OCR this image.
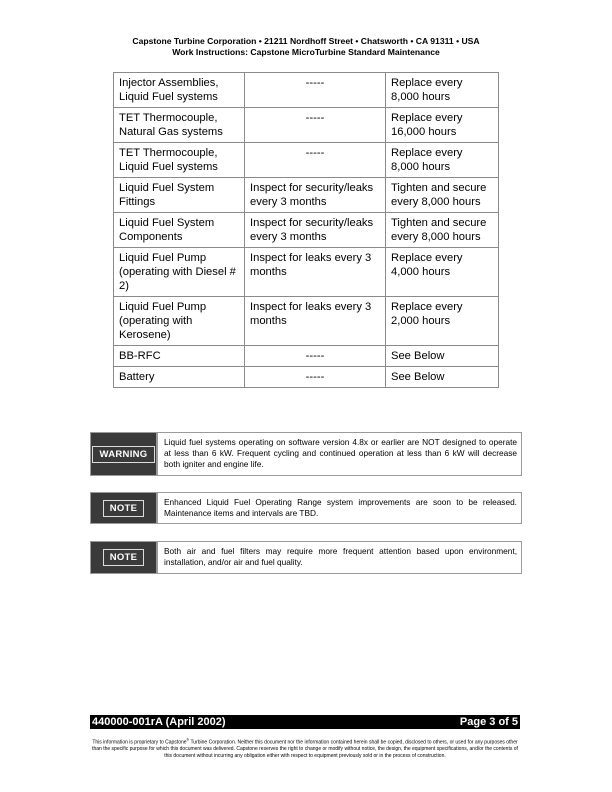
Capstone Turbine Corporation • 21211 Nordhoff Street • Chatsworth • CA 91311 • USA
Work Instructions: Capstone MicroTurbine Standard Maintenance
Injector Assemblies, Liquid Fuel systems	-----	Replace every 8,000 hours
TET Thermocouple, Natural Gas systems	-----	Replace every 16,000 hours
TET Thermocouple, Liquid Fuel systems	-----	Replace every 8,000 hours
Liquid Fuel System Fittings	Inspect for security/leaks every 3 months	Tighten and secure every 8,000 hours
Liquid Fuel System Components	Inspect for security/leaks every 3 months	Tighten and secure every 8,000 hours
Liquid Fuel Pump (operating with Diesel # 2)	Inspect for leaks every 3 months	Replace every 4,000 hours
Liquid Fuel Pump (operating with Kerosene)	Inspect for leaks every 3 months	Replace every 2,000 hours
BB-RFC	-----	See Below
Battery	-----	See Below
WARNING
Liquid fuel systems operating on software version 4.8x or earlier are NOT designed to operate at less than 6 kW. Frequent cycling and continued operation at less than 6 kW will decrease both igniter and engine life.
NOTE
Enhanced Liquid Fuel Operating Range system improvements are soon to be released. Maintenance items and intervals are TBD.
NOTE
Both air and fuel filters may require more frequent attention based upon environment, installation, and/or air and fuel quality.
440000-001rA (April 2002)	Page 3 of 5
This information is proprietary to Capstone® Turbine Corporation. Neither this document nor the information contained herein shall be copied, disclosed to others, or used for any purposes other than the specific purpose for which this document was delivered. Capstone reserves the right to change or modify without notice, the design, the equipment specifications, and/or the contents of this document without incurring any obligation either with respect to equipment previously sold or in the process of construction.
